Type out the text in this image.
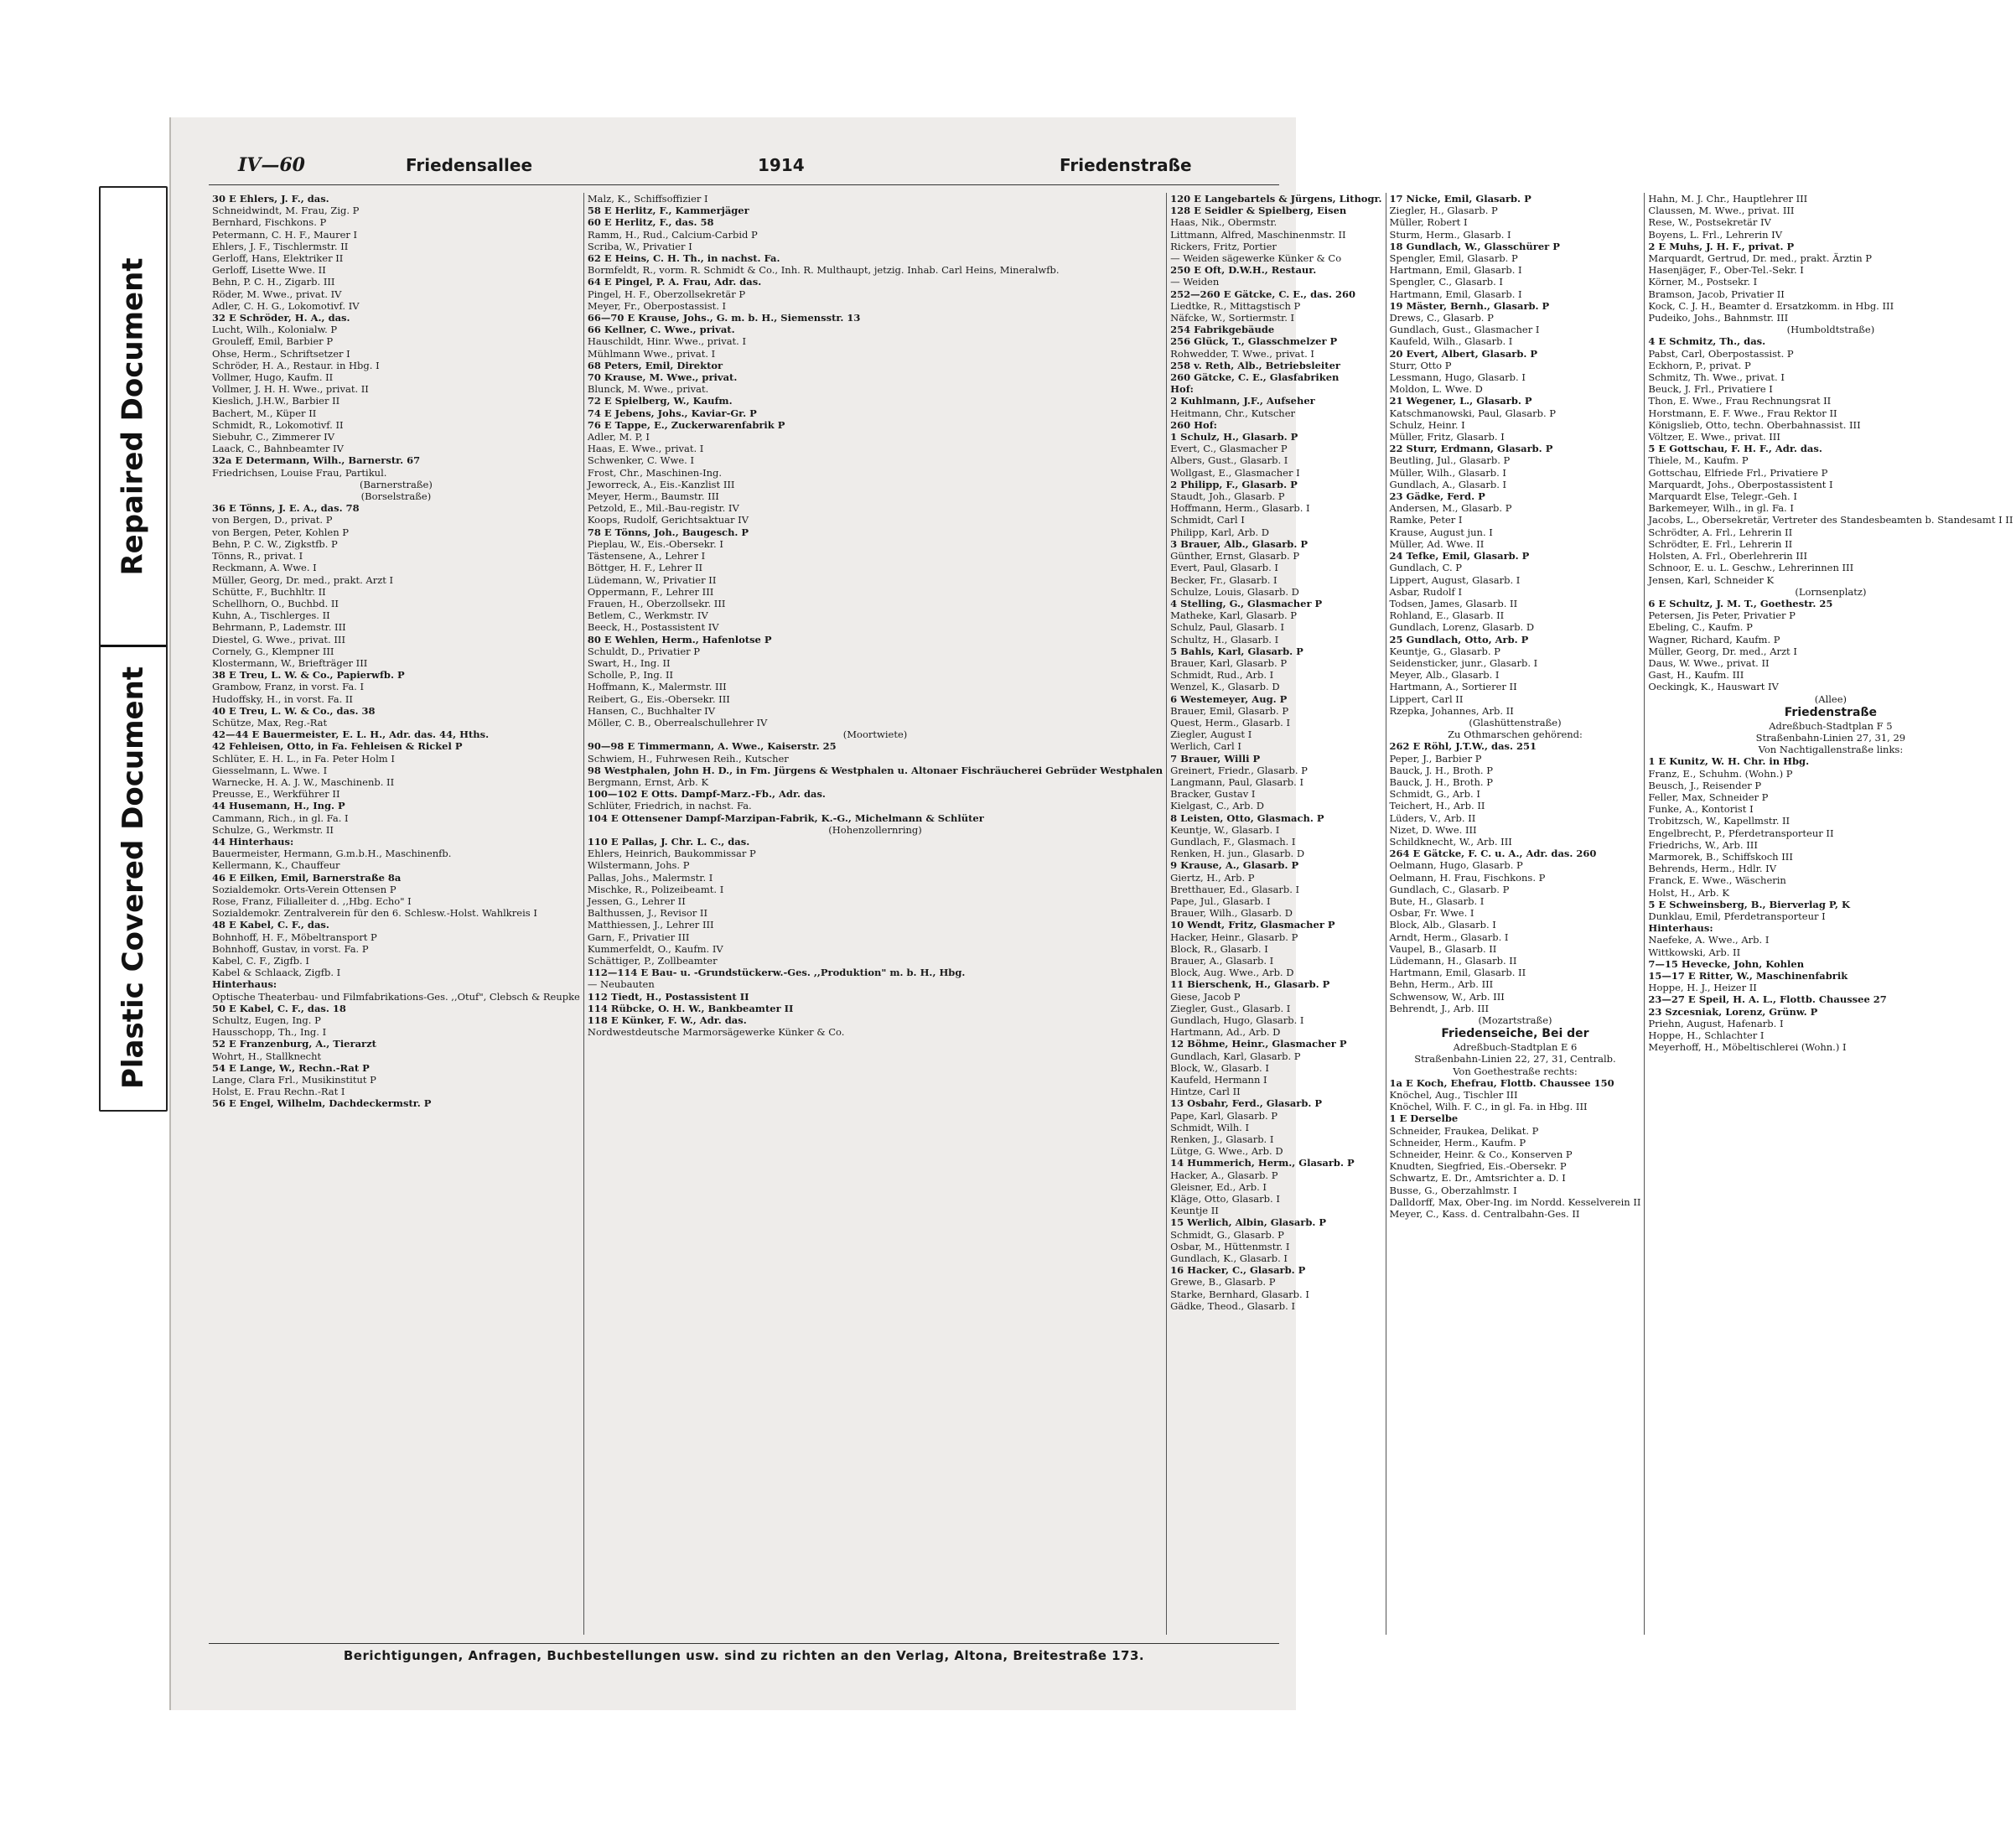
Repaired Document
Plastic Covered Document
IV—60	Friedensallee	1914	Friedenstraße
30 E Ehlers, J. F., das.
Schneidwindt, M. Frau, Zig. P
Bernhard, Fischkons. P
Petermann, C. H. F., Maurer I
Ehlers, J. F., Tischlermstr. II
Gerloff, Hans, Elektriker II
Gerloff, Lisette Wwe. II
Behn, P. C. H., Zigarb. III
Röder, M. Wwe., privat. IV
Adler, C. H. G., Lokomotivf. IV
32 E Schröder, H. A., das.
Lucht, Wilh., Kolonialw. P
Grouleff, Emil, Barbier P
Ohse, Herm., Schriftsetzer I
Schröder, H. A., Restaur. in Hbg. I
Vollmer, Hugo, Kaufm. II
Vollmer, J. H. H. Wwe., privat. II
Kieslich, J.H.W., Barbier II
Bachert, M., Küper II
Schmidt, R., Lokomotivf. II
Siebuhr, C., Zimmerer IV
Laack, C., Bahnbeamter IV
32a E Determann, Wilh., Barnerstr. 67
Friedrichsen, Louise Frau, Partikul.
(Barnerstraße)
(Borselstraße)
36 E Tönns, J. E. A., das. 78
von Bergen, D., privat. P
von Bergen, Peter, Kohlen P
Behn, P. C. W., Zigkstfb. P
Tönns, R., privat. I
Reckmann, A. Wwe. I
Müller, Georg, Dr. med., prakt. Arzt I
Schütte, F., Buchhltr. II
Schellhorn, O., Buchbd. II
Kuhn, A., Tischlerges. II
Behrmann, P., Lademstr. III
Diestel, G. Wwe., privat. III
Cornely, G., Klempner III
Klostermann, W., Briefträger III
38 E Treu, L. W. & Co., Papierwfb. P
Grambow, Franz, in vorst. Fa. I
Hudoffsky, H., in vorst. Fa. II
40 E Treu, L. W. & Co., das. 38
Schütze, Max, Reg.-Rat
42—44 E Bauermeister, E. L. H., Adr. das. 44, Hths.
42 Fehleisen, Otto, in Fa. Fehleisen & Rickel P
Schlüter, E. H. L., in Fa. Peter Holm I
Giesselmann, L. Wwe. I
Warnecke, H. A. J. W., Maschinenb. II
Preusse, E., Werkführer II
44 Husemann, H., Ing. P
Cammann, Rich., in gl. Fa. I
Schulze, G., Werkmstr. II
44 Hinterhaus:
Bauermeister, Hermann, G.m.b.H., Maschinenfb.
Kellermann, K., Chauffeur
46 E Eilken, Emil, Barnerstraße 8a
Sozialdemokr. Orts-Verein Ottensen P
Rose, Franz, Filialleiter d. ,,Hbg. Echo" I
Sozialdemokr. Zentralverein für den 6. Schlesw.-Holst. Wahlkreis I
48 E Kabel, C. F., das.
Bohnhoff, H. F., Möbeltransport P
Bohnhoff, Gustav, in vorst. Fa. P
Kabel, C. F., Zigfb. I
Kabel & Schlaack, Zigfb. I
Hinterhaus:
Optische Theaterbau- und Filmfabrikations-Ges. ,,Otuf", Clebsch & Reupke
50 E Kabel, C. F., das. 18
Schultz, Eugen, Ing. P
Hausschopp, Th., Ing. I
52 E Franzenburg, A., Tierarzt
Wohrt, H., Stallknecht
54 E Lange, W., Rechn.-Rat P
Lange, Clara Frl., Musikinstitut P
Holst, E. Frau Rechn.-Rat I
56 E Engel, Wilhelm, Dachdeckermstr. P
Malz, K., Schiffsoffizier I
58 E Herlitz, F., Kammerjäger
60 E Herlitz, F., das. 58
Ramm, H., Rud., Calcium-Carbid P
Scriba, W., Privatier I
62 E Heins, C. H. Th., in nachst. Fa.
Bormfeldt, R., vorm. R. Schmidt & Co., Inh. R. Multhaupt, jetzig. Inhab. Carl Heins, Mineralwfb.
64 E Pingel, P. A. Frau, Adr. das.
Pingel, H. F., Oberzollsekretär P
Meyer, Fr., Oberpostassist. I
66—70 E Krause, Johs., G. m. b. H., Siemensstr. 13
66 Kellner, C. Wwe., privat.
Hauschildt, Hinr. Wwe., privat. I
Mühlmann Wwe., privat. I
68 Peters, Emil, Direktor
70 Krause, M. Wwe., privat.
Blunck, M. Wwe., privat.
72 E Spielberg, W., Kaufm.
74 E Jebens, Johs., Kaviar-Gr. P
76 E Tappe, E., Zuckerwarenfabrik P
Adler, M. P, I
Haas, E. Wwe., privat. I
Schwenker, C. Wwe. I
Frost, Chr., Maschinen-Ing.
Jeworreck, A., Eis.-Kanzlist III
Meyer, Herm., Baumstr. III
Petzold, E., Mil.-Bau-registr. IV
Koops, Rudolf, Gerichtsaktuar IV
78 E Tönns, Joh., Baugesch. P
Pieplau, W., Eis.-Obersekr. I
Tästensene, A., Lehrer I
Böttger, H. F., Lehrer II
Lüdemann, W., Privatier II
Oppermann, F., Lehrer III
Frauen, H., Oberzollsekr. III
Betlem, C., Werkmstr. IV
Beeck, H., Postassistent IV
80 E Wehlen, Herm., Hafenlotse P
Schuldt, D., Privatier P
Swart, H., Ing. II
Scholle, P., Ing. II
Hoffmann, K., Malermstr. III
Reibert, G., Eis.-Obersekr. III
Hansen, C., Buchhalter IV
Möller, C. B., Oberrealschullehrer IV
(Moortwiete)
90—98 E Timmermann, A. Wwe., Kaiserstr. 25
Schwiem, H., Fuhrwesen Reih., Kutscher
98 Westphalen, John H. D., in Fm. Jürgens & Westphalen u. Altonaer Fischräucherei Gebrüder Westphalen
Bergmann, Ernst, Arb. K
100—102 E Otts. Dampf-Marz.-Fb., Adr. das.
Schlüter, Friedrich, in nachst. Fa.
104 E Ottensener Dampf-Marzipan-Fabrik, K.-G., Michelmann & Schlüter
(Hohenzollernring)
110 E Pallas, J. Chr. L. C., das.
Ehlers, Heinrich, Baukommissar P
Wilstermann, Johs. P
Pallas, Johs., Malermstr. I
Mischke, R., Polizeibeamt. I
Jessen, G., Lehrer II
Balthussen, J., Revisor II
Matthiessen, J., Lehrer III
Garn, F., Privatier III
Kummerfeldt, O., Kaufm. IV
Schättiger, P., Zollbeamter
112—114 E Bau- u. -Grundstückerw.-Ges. ,,Produktion" m. b. H., Hbg.
— Neubauten
112 Tiedt, H., Postassistent II
114 Rübcke, O. H. W., Bankbeamter II
118 E Künker, F. W., Adr. das.
Nordwestdeutsche Marmorsägewerke Künker & Co.
120 E Langebartels & Jürgens, Lithogr.
128 E Seidler & Spielberg, Eisen
Haas, Nik., Obermstr.
Littmann, Alfred, Maschinenmstr. II
Rickers, Fritz, Portier
— Weiden sägewerke Künker & Co
250 E Oft, D.W.H., Restaur.
— Weiden
252—260 E Gätcke, C. E., das. 260
Liedtke, R., Mittagstisch P
Näfcke, W., Sortiermstr. I
254 Fabrikgebäude
256 Glück, T., Glasschmelzer P
Rohwedder, T. Wwe., privat. I
258 v. Reth, Alb., Betriebsleiter
260 Gätcke, C. E., Glasfabriken
Hof:
2 Kuhlmann, J.F., Aufseher
Heitmann, Chr., Kutscher
260 Hof:
1 Schulz, H., Glasarb. P
Evert, C., Glasmacher P
Albers, Gust., Glasarb. I
Wollgast, E., Glasmacher I
2 Philipp, F., Glasarb. P
Staudt, Joh., Glasarb. P
Hoffmann, Herm., Glasarb. I
Schmidt, Carl I
Philipp, Karl, Arb. D
3 Brauer, Alb., Glasarb. P
Günther, Ernst, Glasarb. P
Evert, Paul, Glasarb. I
Becker, Fr., Glasarb. I
Schulze, Louis, Glasarb. D
4 Stelling, G., Glasmacher P
Matheke, Karl, Glasarb. P
Schulz, Paul, Glasarb. I
Schultz, H., Glasarb. I
5 Bahls, Karl, Glasarb. P
Brauer, Karl, Glasarb. P
Schmidt, Rud., Arb. I
Wenzel, K., Glasarb. D
6 Westemeyer, Aug. P
Brauer, Emil, Glasarb. P
Quest, Herm., Glasarb. I
Ziegler, August I
Werlich, Carl I
7 Brauer, Willi P
Greinert, Friedr., Glasarb. P
Langmann, Paul, Glasarb. I
Bracker, Gustav I
Kielgast, C., Arb. D
8 Leisten, Otto, Glasmach. P
Keuntje, W., Glasarb. I
Gundlach, F., Glasmach. I
Renken, H. jun., Glasarb. D
9 Krause, A., Glasarb. P
Giertz, H., Arb. P
Bretthauer, Ed., Glasarb. I
Pape, Jul., Glasarb. I
Brauer, Wilh., Glasarb. D
10 Wendt, Fritz, Glasmacher P
Hacker, Heinr., Glasarb. P
Block, R., Glasarb. I
Brauer, A., Glasarb. I
Block, Aug. Wwe., Arb. D
11 Bierschenk, H., Glasarb. P
Giese, Jacob P
Ziegler, Gust., Glasarb. I
Gundlach, Hugo, Glasarb. I
Hartmann, Ad., Arb. D
12 Böhme, Heinr., Glasmacher P
Gundlach, Karl, Glasarb. P
Block, W., Glasarb. I
Kaufeld, Hermann I
Hintze, Carl II
13 Osbahr, Ferd., Glasarb. P
Pape, Karl, Glasarb. P
Schmidt, Wilh. I
Renken, J., Glasarb. I
Lütge, G. Wwe., Arb. D
14 Hummerich, Herm., Glasarb. P
Hacker, A., Glasarb. P
Gleisner, Ed., Arb. I
Kläge, Otto, Glasarb. I
Keuntje II
15 Werlich, Albin, Glasarb. P
Schmidt, G., Glasarb. P
Osbar, M., Hüttenmstr. I
Gundlach, K., Glasarb. I
16 Hacker, C., Glasarb. P
Grewe, B., Glasarb. P
Starke, Bernhard, Glasarb. I
Gädke, Theod., Glasarb. I
17 Nicke, Emil, Glasarb. P
Ziegler, H., Glasarb. P
Müller, Robert I
Sturm, Herm., Glasarb. I
18 Gundlach, W., Glasschürer P
Spengler, Emil, Glasarb. P
Hartmann, Emil, Glasarb. I
Spengler, C., Glasarb. I
Hartmann, Emil, Glasarb. I
19 Mäster, Bernh., Glasarb. P
Drews, C., Glasarb. P
Gundlach, Gust., Glasmacher I
Kaufeld, Wilh., Glasarb. I
20 Evert, Albert, Glasarb. P
Sturr, Otto P
Lessmann, Hugo, Glasarb. I
Moldon, L. Wwe. D
21 Wegener, L., Glasarb. P
Katschmanowski, Paul, Glasarb. P
Schulz, Heinr. I
Müller, Fritz, Glasarb. I
22 Sturr, Erdmann, Glasarb. P
Beutling, Jul., Glasarb. P
Müller, Wilh., Glasarb. I
Gundlach, A., Glasarb. I
23 Gädke, Ferd. P
Andersen, M., Glasarb. P
Ramke, Peter I
Krause, August jun. I
Müller, Ad. Wwe. II
24 Tefke, Emil, Glasarb. P
Gundlach, C. P
Lippert, August, Glasarb. I
Asbar, Rudolf I
Todsen, James, Glasarb. II
Rohland, E., Glasarb. II
Gundlach, Lorenz, Glasarb. D
25 Gundlach, Otto, Arb. P
Keuntje, G., Glasarb. P
Seidensticker, junr., Glasarb. I
Meyer, Alb., Glasarb. I
Hartmann, A., Sortierer II
Lippert, Carl II
Rzepka, Johannes, Arb. II
(Glashüttenstraße)
Zu Othmarschen gehörend:
262 E Röhl, J.T.W., das. 251
Peper, J., Barbier P
Bauck, J. H., Broth. P
Bauck, J. H., Broth. P
Schmidt, G., Arb. I
Teichert, H., Arb. II
Lüders, V., Arb. II
Nizet, D. Wwe. III
Schildknecht, W., Arb. III
264 E Gätcke, F. C. u. A., Adr. das. 260
Oelmann, Hugo, Glasarb. P
Oelmann, H. Frau, Fischkons. P
Gundlach, C., Glasarb. P
Bute, H., Glasarb. I
Osbar, Fr. Wwe. I
Block, Alb., Glasarb. I
Arndt, Herm., Glasarb. I
Vaupel, B., Glasarb. II
Lüdemann, H., Glasarb. II
Hartmann, Emil, Glasarb. II
Behn, Herm., Arb. III
Schwensow, W., Arb. III
Behrendt, J., Arb. III
(Mozartstraße)
Friedenseiche, Bei der
Adreßbuch-Stadtplan E 6
Straßenbahn-Linien 22, 27, 31, Centralb.
Von Goethestraße rechts:
1a E Koch, Ehefrau, Flottb. Chaussee 150
Knöchel, Aug., Tischler III
Knöchel, Wilh. F. C., in gl. Fa. in Hbg. III
1 E Derselbe
Schneider, Fraukea, Delikat. P
Schneider, Herm., Kaufm. P
Schneider, Heinr. & Co., Konserven P
Knudten, Siegfried, Eis.-Obersekr. P
Schwartz, E. Dr., Amtsrichter a. D. I
Busse, G., Oberzahlmstr. I
Dalldorff, Max, Ober-Ing. im Nordd. Kesselverein II
Meyer, C., Kass. d. Centralbahn-Ges. II
Hahn, M. J. Chr., Hauptlehrer III
Claussen, M. Wwe., privat. III
Rese, W., Postsekretär IV
Boyens, L. Frl., Lehrerin IV
2 E Muhs, J. H. F., privat. P
Marquardt, Gertrud, Dr. med., prakt. Ärztin P
Hasenjäger, F., Ober-Tel.-Sekr. I
Körner, M., Postsekr. I
Bramson, Jacob, Privatier II
Kock, C. J. H., Beamter d. Ersatzkomm. in Hbg. III
Pudeiko, Johs., Bahnmstr. III
(Humboldtstraße)
4 E Schmitz, Th., das.
Pabst, Carl, Oberpostassist. P
Eckhorn, P., privat. P
Schmitz, Th. Wwe., privat. I
Beuck, J. Frl., Privatiere I
Thon, E. Wwe., Frau Rechnungsrat II
Horstmann, E. F. Wwe., Frau Rektor II
Königslieb, Otto, techn. Oberbahnassist. III
Völtzer, E. Wwe., privat. III
5 E Gottschau, F. H. F., Adr. das.
Thiele, M., Kaufm. P
Gottschau, Elfriede Frl., Privatiere P
Marquardt, Johs., Oberpostassistent I
Marquardt Else, Telegr.-Geh. I
Barkemeyer, Wilh., in gl. Fa. I
Jacobs, L., Obersekretär, Vertreter des Standesbeamten b. Standesamt I II
Schrödter, A. Frl., Lehrerin II
Schrödter, E. Frl., Lehrerin II
Holsten, A. Frl., Oberlehrerin III
Schnoor, E. u. L. Geschw., Lehrerinnen III
Jensen, Karl, Schneider K
(Lornsenplatz)
6 E Schultz, J. M. T., Goethestr. 25
Petersen, Jis Peter, Privatier P
Ebeling, C., Kaufm. P
Wagner, Richard, Kaufm. P
Müller, Georg, Dr. med., Arzt I
Daus, W. Wwe., privat. II
Gast, H., Kaufm. III
Oeckingk, K., Hauswart IV
(Allee)
Friedenstraße
Adreßbuch-Stadtplan F 5
Straßenbahn-Linien 27, 31, 29
Von Nachtigallenstraße links:
1 E Kunitz, W. H. Chr. in Hbg.
Franz, E., Schuhm. (Wohn.) P
Beusch, J., Reisender P
Feller, Max, Schneider P
Funke, A., Kontorist I
Trobitzsch, W., Kapellmstr. II
Engelbrecht, P., Pferdetransporteur II
Friedrichs, W., Arb. III
Marmorek, B., Schiffskoch III
Behrends, Herm., Hdlr. IV
Franck, E. Wwe., Wäscherin
Holst, H., Arb. K
5 E Schweinsberg, B., Bierverlag P, K
Dunklau, Emil, Pferdetransporteur I
Hinterhaus:
Naefeke, A. Wwe., Arb. I
Wittkowski, Arb. II
7—15 Hevecke, John, Kohlen
15—17 E Ritter, W., Maschinenfabrik
Hoppe, H. J., Heizer II
23—27 E Speil, H. A. L., Flottb. Chaussee 27
23 Szcesniak, Lorenz, Grünw. P
Priehn, August, Hafenarb. I
Hoppe, H., Schlachter I
Meyerhoff, H., Möbeltischlerei (Wohn.) I
Berichtigungen, Anfragen, Buchbestellungen usw. sind zu richten an den Verlag, Altona, Breitestraße 173.
